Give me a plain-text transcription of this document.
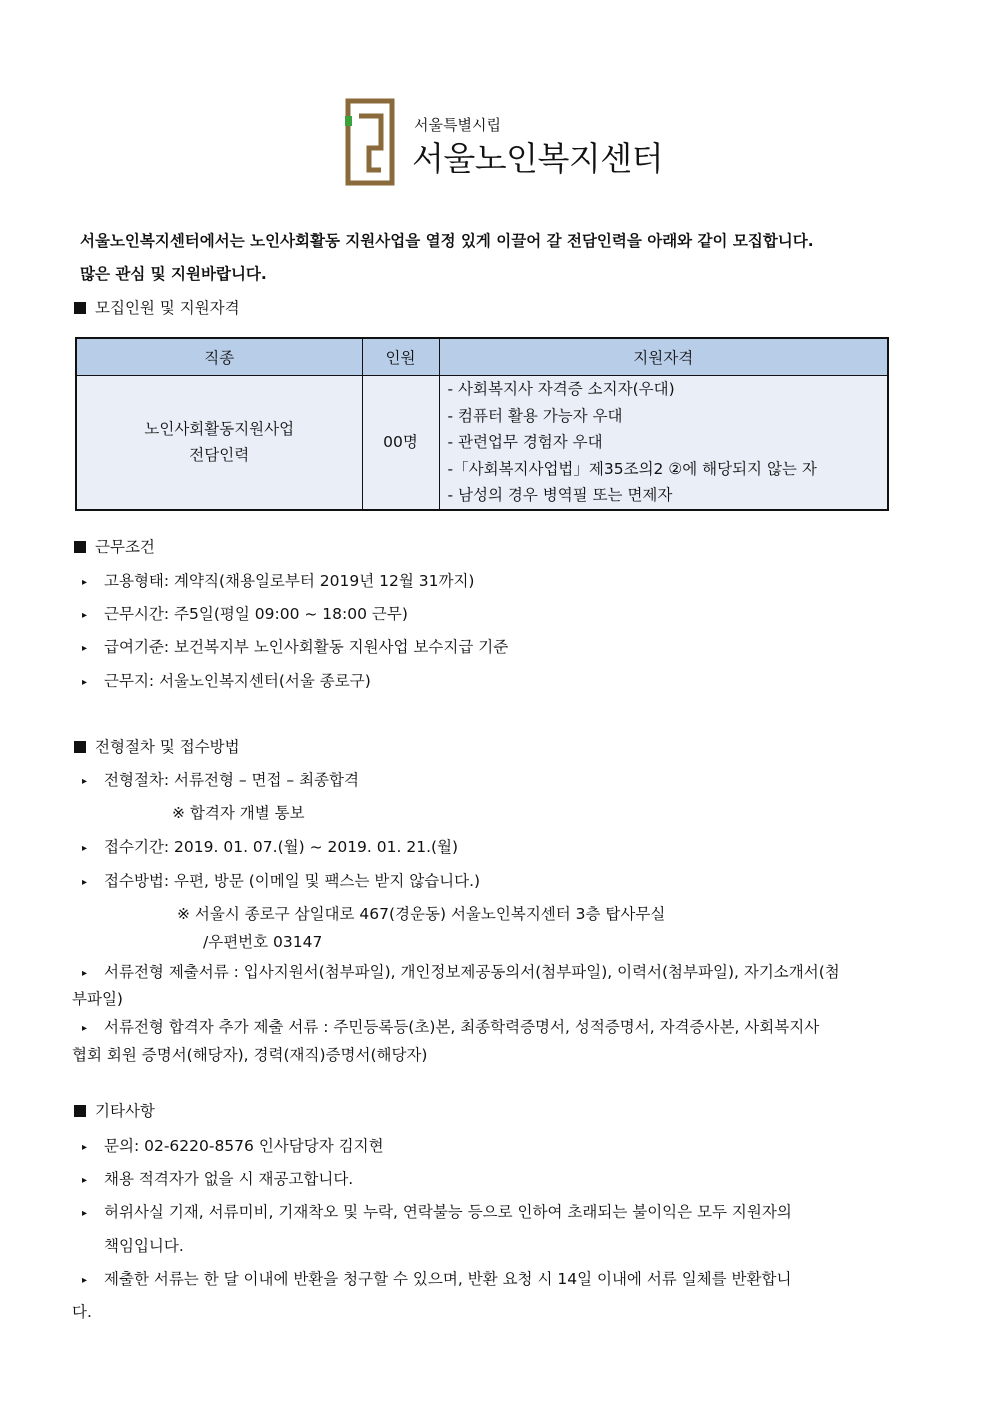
서울특별시립
서울노인복지센터
서울노인복지센터에서는 노인사회활동 지원사업을 열정 있게 이끌어 갈 전담인력을 아래와 같이 모집합니다.
많은 관심 및 지원바랍니다.
모집인원 및 지원자격
직종	인원	지원자격

노인사회활동지원사업
전담인력	00명	- 사회복지사 자격증 소지자(우대)
- 컴퓨터 활용 가능자 우대
- 관련업무 경험자 우대
-「사회복지사업법」제35조의2 ②에 해당되지 않는 자
- 남성의 경우 병역필 또는 면제자
근무조건
▸ 고용형태: 계약직(채용일로부터 2019년 12월 31까지)
▸ 근무시간: 주5일(평일 09:00 ~ 18:00 근무)
▸ 급여기준: 보건복지부 노인사회활동 지원사업 보수지급 기준
▸ 근무지: 서울노인복지센터(서울 종로구)
전형절차 및 접수방법
▸ 전형절차: 서류전형 – 면접 – 최종합격
※ 합격자 개별 통보
▸ 접수기간: 2019. 01. 07.(월) ~ 2019. 01. 21.(월)
▸ 접수방법: 우편, 방문 (이메일 및 팩스는 받지 않습니다.)
※ 서울시 종로구 삼일대로 467(경운동) 서울노인복지센터 3층 탑사무실
/우편번호 03147
▸ 서류전형 제출서류 : 입사지원서(첨부파일), 개인정보제공동의서(첨부파일), 이력서(첨부파일), 자기소개서(첨
부파일)
▸ 서류전형 합격자 추가 제출 서류 : 주민등록등(초)본, 최종학력증명서, 성적증명서, 자격증사본, 사회복지사
협회 회원 증명서(해당자), 경력(재직)증명서(해당자)
기타사항
▸ 문의: 02-6220-8576 인사담당자 김지현
▸ 채용 적격자가 없을 시 재공고합니다.
▸ 허위사실 기재, 서류미비, 기재착오 및 누락, 연락불능 등으로 인하여 초래되는 불이익은 모두 지원자의
책임입니다.
▸ 제출한 서류는 한 달 이내에 반환을 청구할 수 있으며, 반환 요청 시 14일 이내에 서류 일체를 반환합니
다.
